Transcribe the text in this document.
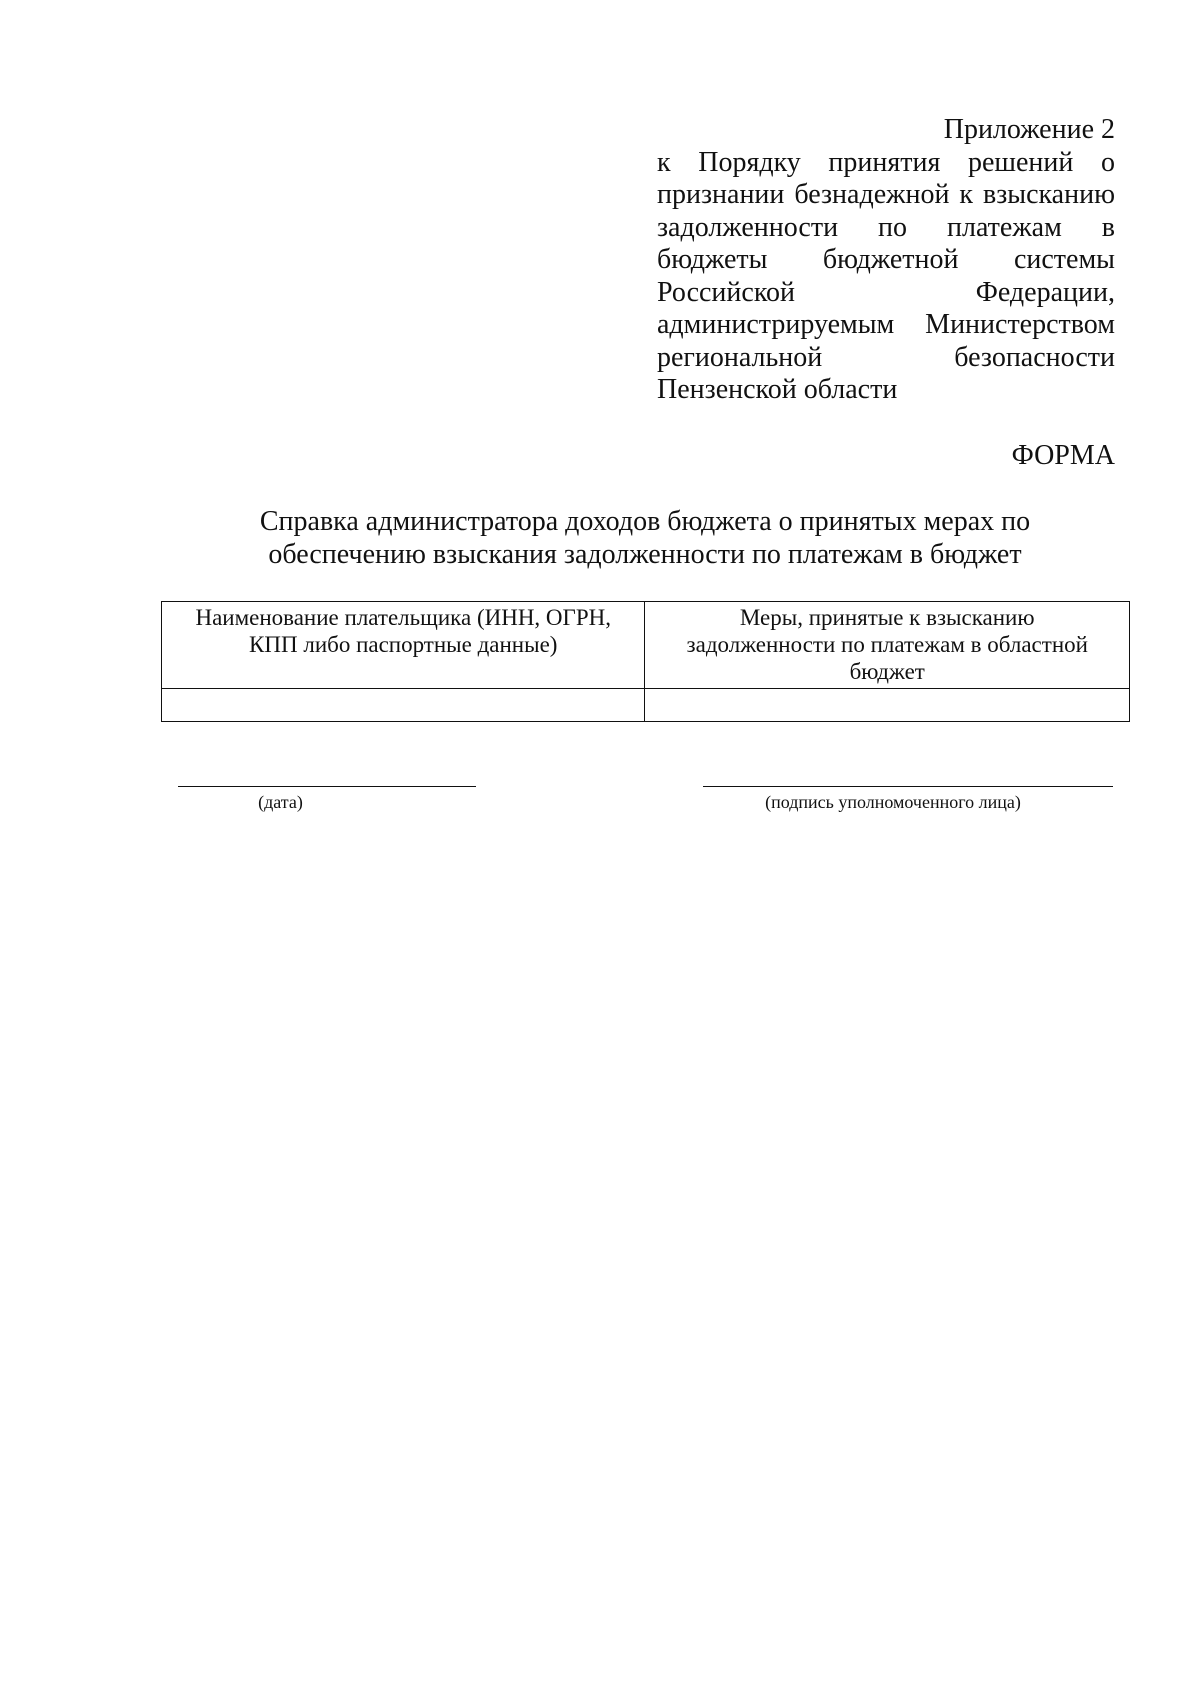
Приложение 2

к Порядку принятия решений о признании безнадежной к взысканию задолженности по платежам в бюджеты бюджетной системы Российской Федерации, администрируемым Министерством региональной безопасности Пензенской области

ФОРМА
Справка администратора доходов бюджета о принятых мерах по
обеспечению взыскания задолженности по платежам в бюджет
Наименование плательщика (ИНН, ОГРН, КПП либо паспортные данные)	Меры, принятые к взысканию задолженности по платежам в областной бюджет

(дата)	(подпись уполномоченного лица)
